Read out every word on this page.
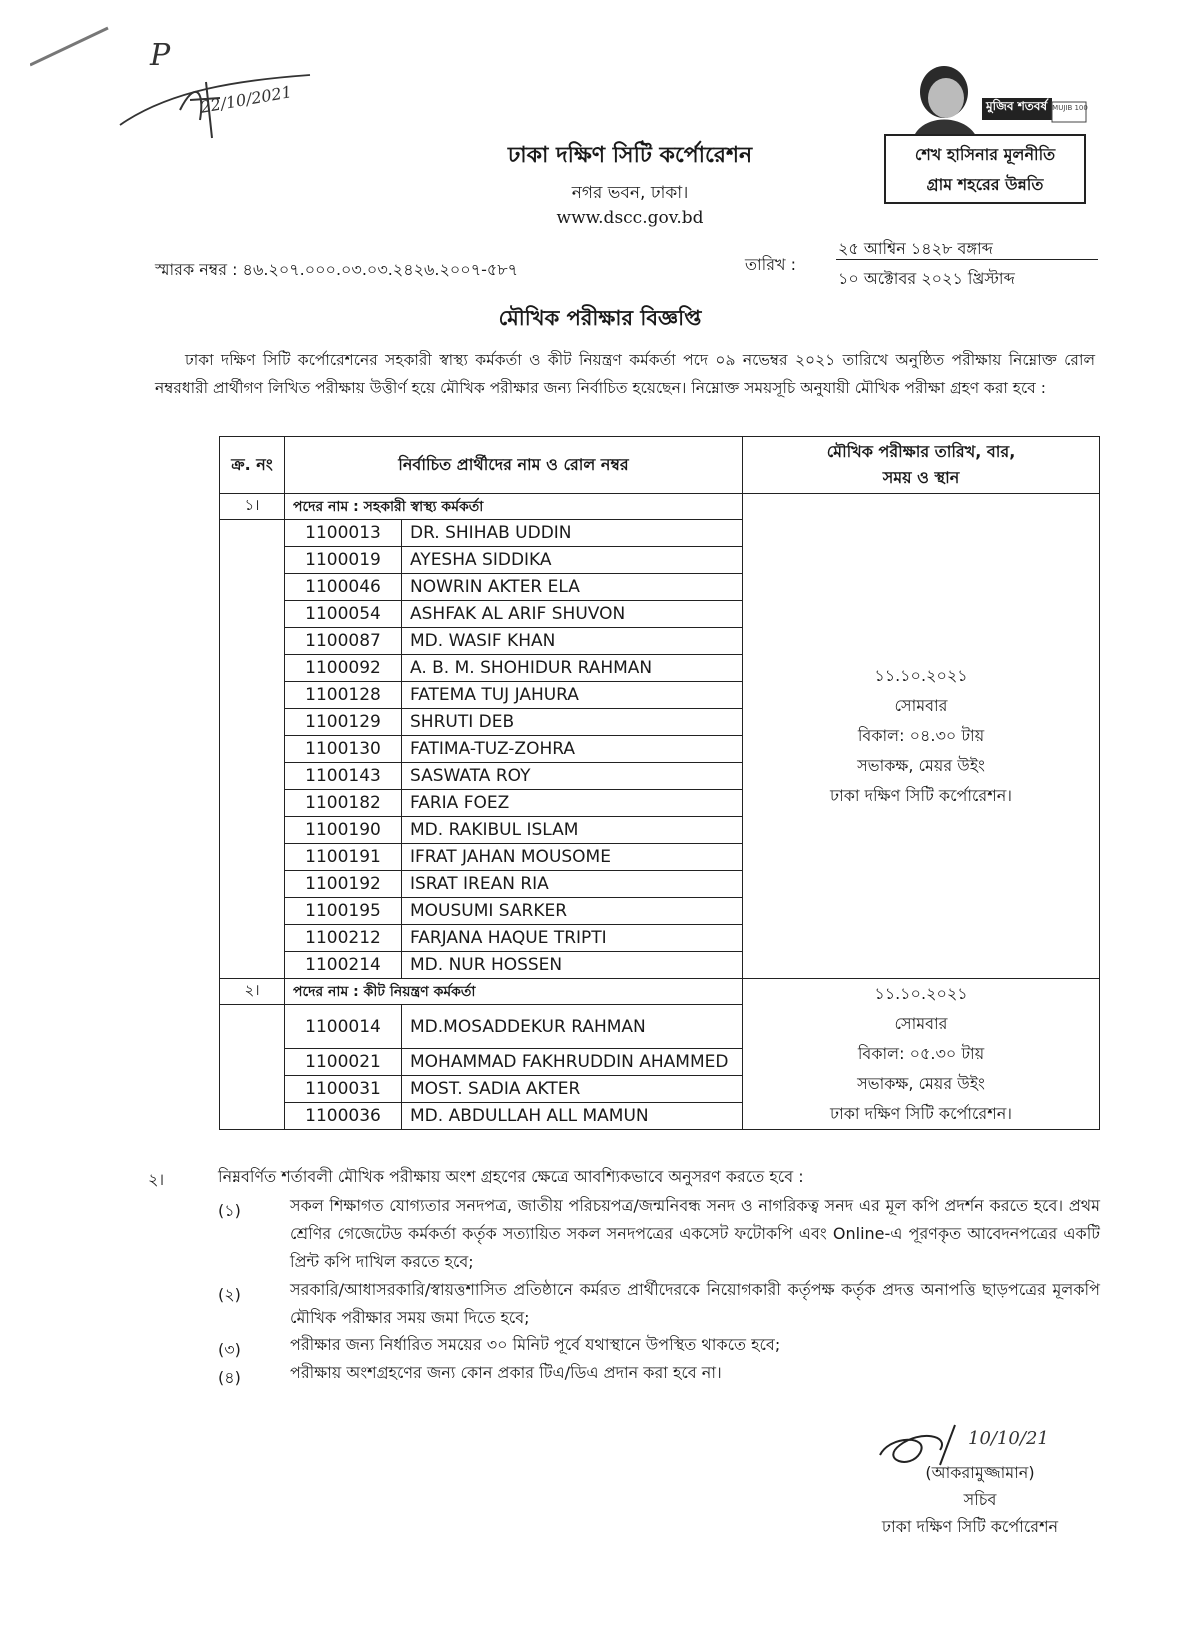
P
22/10/2021
ঢাকা দক্ষিণ সিটি কর্পোরেশন
নগর ভবন, ঢাকা।
www.dscc.gov.bd
মুজিব শতবর্ষ MUJIB 100
শেখ হাসিনার মূলনীতি
গ্রাম শহরের উন্নতি
স্মারক নম্বর : ৪৬.২০৭.০০০.০৩.০৩.২৪২৬.২০০৭-৫৮৭	তারিখ :
২৫ আশ্বিন ১৪২৮ বঙ্গাব্দ
১০ অক্টোবর ২০২১ খ্রিস্টাব্দ
মৌখিক পরীক্ষার বিজ্ঞপ্তি
ঢাকা দক্ষিণ সিটি কর্পোরেশনের সহকারী স্বাস্থ্য কর্মকর্তা ও কীট নিয়ন্ত্রণ কর্মকর্তা পদে ০৯ নভেম্বর ২০২১ তারিখে অনুষ্ঠিত পরীক্ষায় নিম্নোক্ত রোল নম্বরধারী প্রার্থীগণ লিখিত পরীক্ষায় উত্তীর্ণ হয়ে মৌখিক পরীক্ষার জন্য নির্বাচিত হয়েছেন। নিম্নোক্ত সময়সূচি অনুযায়ী মৌখিক পরীক্ষা গ্রহণ করা হবে :
ক্র. নং	নির্বাচিত প্রার্থীদের নাম ও রোল নম্বর		মৌখিক পরীক্ষার তারিখ, বার,
সময় ও স্থান

১।	পদের নাম : সহকারী স্বাস্থ্য কর্মকর্তা		১১.১০.২০২১
সোমবার
বিকাল: ০৪.৩০ টায়
সভাকক্ষ, মেয়র উইং
ঢাকা দক্ষিণ সিটি কর্পোরেশন।

	1100013	DR. SHIHAB UDDIN	
	1100019	AYESHA SIDDIKA	
	1100046	NOWRIN AKTER ELA	
	1100054	ASHFAK AL ARIF SHUVON	
	1100087	MD. WASIF KHAN	
	1100092	A. B. M. SHOHIDUR RAHMAN	
	1100128	FATEMA TUJ JAHURA	
	1100129	SHRUTI DEB	
	1100130	FATIMA-TUZ-ZOHRA	
	1100143	SASWATA ROY	
	1100182	FARIA FOEZ	
	1100190	MD. RAKIBUL ISLAM	
	1100191	IFRAT JAHAN MOUSOME	
	1100192	ISRAT IREAN RIA	
	1100195	MOUSUMI SARKER	
	1100212	FARJANA HAQUE TRIPTI	
	1100214	MD. NUR HOSSEN	
২।	পদের নাম : কীট নিয়ন্ত্রণ কর্মকর্তা		১১.১০.২০২১
সোমবার
বিকাল: ০৫.৩০ টায়
সভাকক্ষ, মেয়র উইং
ঢাকা দক্ষিণ সিটি কর্পোরেশন।

	1100014	MD.MOSADDEKUR RAHMAN	
	1100021	MOHAMMAD FAKHRUDDIN AHAMMED	
	1100031	MOST. SADIA AKTER	
	1100036	MD. ABDULLAH ALL MAMUN	
২।	নিম্নবর্ণিত শর্তাবলী মৌখিক পরীক্ষায় অংশ গ্রহণের ক্ষেত্রে আবশ্যিকভাবে অনুসরণ করতে হবে :
(১)	সকল শিক্ষাগত যোগ্যতার সনদপত্র, জাতীয় পরিচয়পত্র/জন্মনিবন্ধ সনদ ও নাগরিকত্ব সনদ এর মূল কপি প্রদর্শন করতে হবে। প্রথম শ্রেণির গেজেটেড কর্মকর্তা কর্তৃক সত্যায়িত সকল সনদপত্রের একসেট ফটোকপি এবং Online-এ পূরণকৃত আবেদনপত্রের একটি প্রিন্ট কপি দাখিল করতে হবে;
(২)	সরকারি/আধাসরকারি/স্বায়ত্তশাসিত প্রতিষ্ঠানে কর্মরত প্রার্থীদেরকে নিয়োগকারী কর্তৃপক্ষ কর্তৃক প্রদত্ত অনাপত্তি ছাড়পত্রের মূলকপি মৌখিক পরীক্ষার সময় জমা দিতে হবে;
(৩)	পরীক্ষার জন্য নির্ধারিত সময়ের ৩০ মিনিট পূর্বে যথাস্থানে উপস্থিত থাকতে হবে;
(৪)	পরীক্ষায় অংশগ্রহণের জন্য কোন প্রকার টিএ/ডিএ প্রদান করা হবে না।
10/10/21
(আকরামুজ্জামান)
সচিব
ঢাকা দক্ষিণ সিটি কর্পোরেশন
